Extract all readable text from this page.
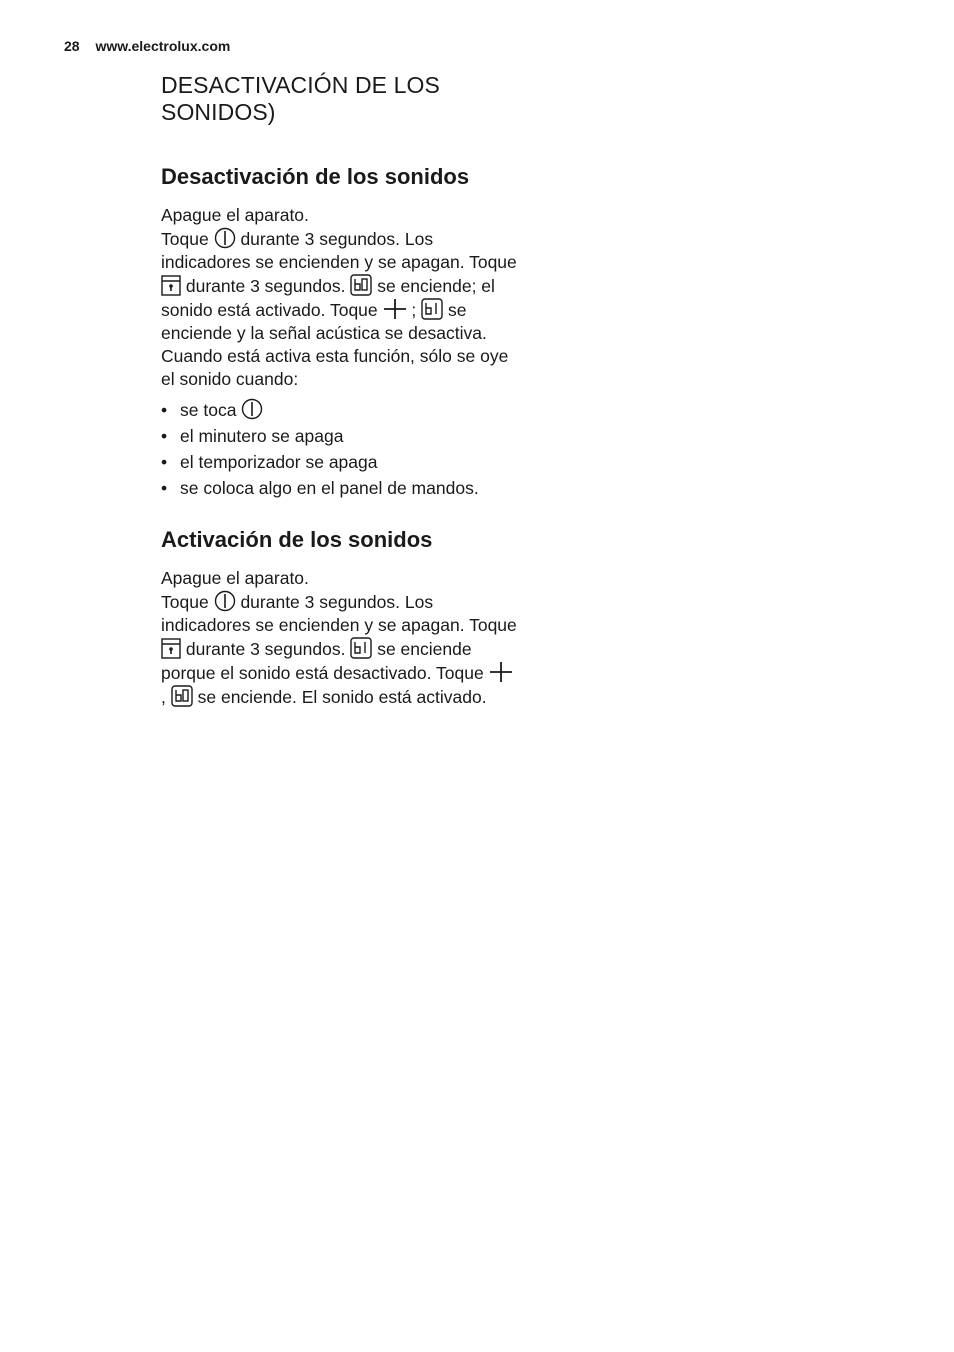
28 www.electrolux.com
DESACTIVACIÓN DE LOS SONIDOS)
Desactivación de los sonidos

Apague el aparato.

Toque durante 3 segundos. Los indicadores se encienden y se apagan. Toque  durante 3 segundos. se enciende; el sonido está activado. Toque ; se enciende y la señal acústica se desactiva. Cuando está activa esta función, sólo se oye el sonido cuando:

• se toca
• el minutero se apaga
• el temporizador se apaga
• se coloca algo en el panel de mandos.
Activación de los sonidos

Apague el aparato.

Toque durante 3 segundos. Los indicadores se encienden y se apagan. Toque  durante 3 segundos. se enciende porque el sonido está desactivado. Toque  , se enciende. El sonido está activado.
